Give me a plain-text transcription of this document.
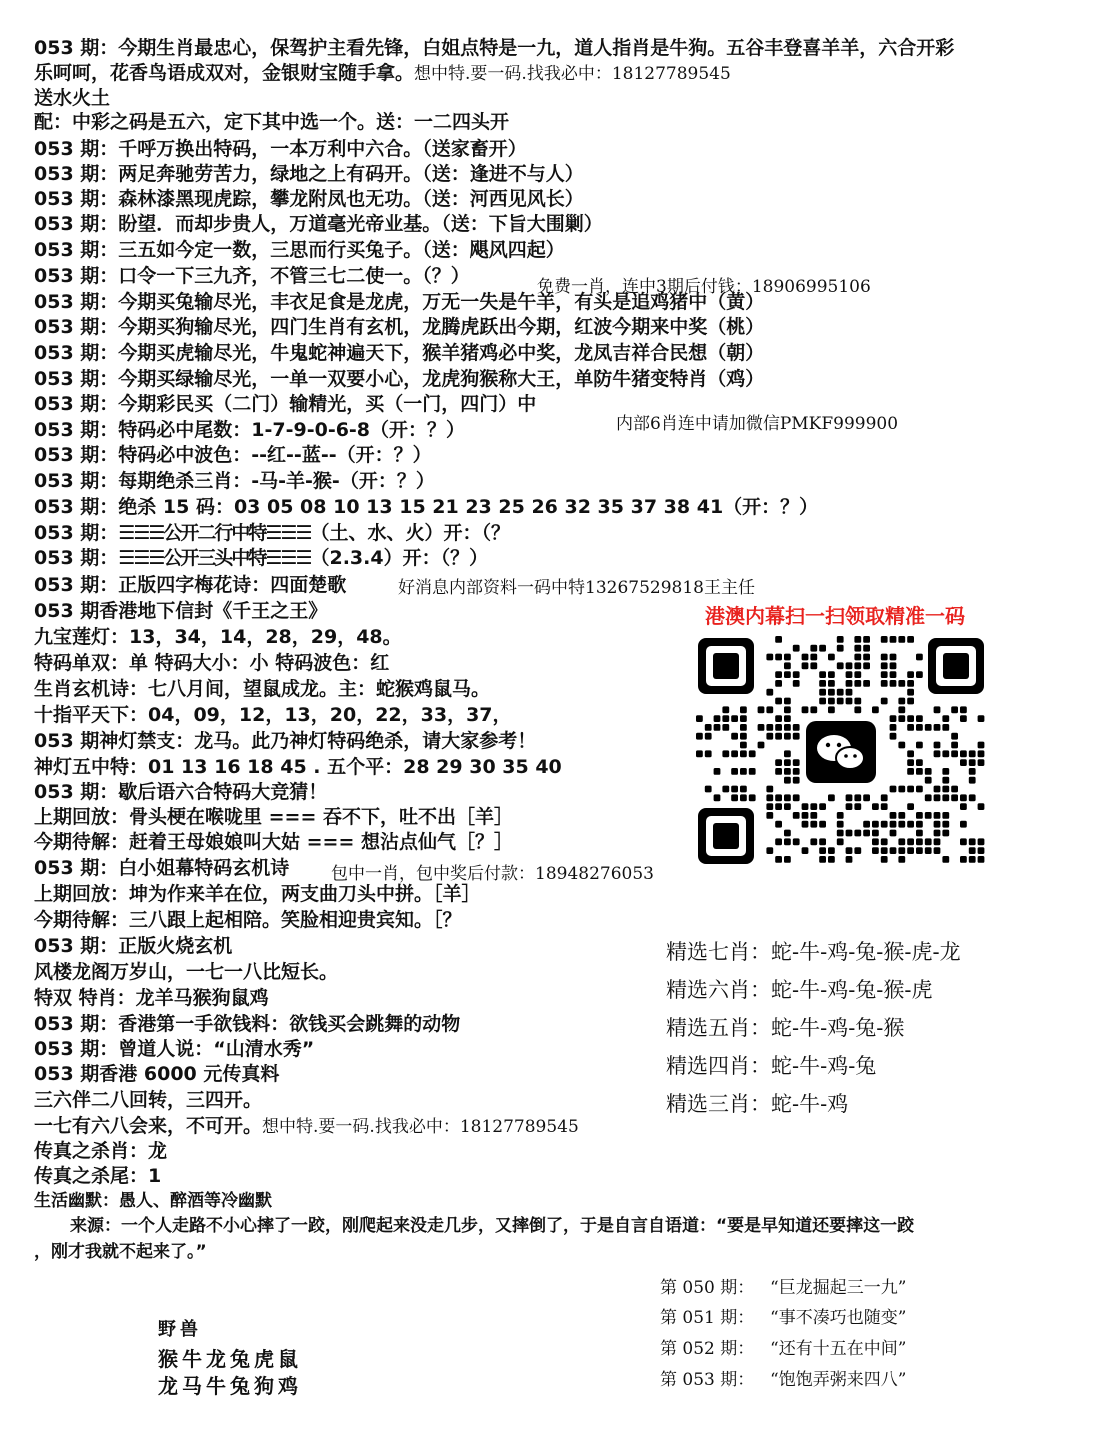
053 期：今期生肖最忠心，保驾护主看先锋，白姐点特是一九，道人指肖是牛狗。五谷丰登喜羊羊，六合开彩
乐呵呵，花香鸟语成双对，金银财宝随手拿。想中特.要一码.找我必中：18127789545
送水火土
配：中彩之码是五六，定下其中选一个。送：一二四头开
053 期：千呼万换出特码，一本万利中六合。（送家畜开）
053 期：两足奔驰劳苦力，绿地之上有码开。（送：逢进不与人）
053 期：森林漆黑现虎踪，攀龙附凤也无功。（送：河西见风长）
053 期：盼望．而却步贵人，万道毫光帝业基。（送：下旨大围剿）
053 期：三五如今定一数，三思而行买兔子。（送：飓风四起）
053 期：口令一下三九齐，不管三七二使一。（？）	免费一肖，连中3期后付钱：18906995106
053 期：今期买兔输尽光，丰衣足食是龙虎，万无一失是午羊，有头是追鸡猪中（黄）
053 期：今期买狗输尽光，四门生肖有玄机，龙腾虎跃出今期，红波今期来中奖（桃）
053 期：今期买虎输尽光，牛鬼蛇神遍天下，猴羊猪鸡必中奖，龙凤吉祥合民想（朝）
053 期：今期买绿输尽光，一单一双要小心，龙虎狗猴称大王，单防牛猪变特肖（鸡）
053 期：今期彩民买（二门）输精光，买（一门，四门）中
内部6肖连中请加微信PMKF999900
053 期：特码必中尾数：1-7-9-0-6-8（开：？）
053 期：特码必中波色：--红--蓝--（开：？）
053 期：每期绝杀三肖：-马-羊-猴-（开：？）
053 期：绝杀 15 码：03 05 08 10 13 15 21 23 25 26 32 35 37 38 41（开：？）
053 期：☰☰☰公开二行中特☰☰☰（土、水、火）开：（？
053 期：☰☰☰公开三头中特☰☰☰（2.3.4）开：（？）
053 期：正版四字梅花诗：四面楚歌	好消息内部资料一码中特13267529818王主任
053 期香港地下信封《千王之王》
九宝莲灯：13，34，14，28，29，48。
特码单双：单 特码大小：小 特码波色：红
生肖玄机诗：七八月间，望鼠成龙。主：蛇猴鸡鼠马。
十指平天下：04，09，12，13，20，22，33，37，
053 期神灯禁支：龙马。此乃神灯特码绝杀，请大家参考！
神灯五中特：01 13 16 18 45 . 五个平：28 29 30 35 40
053 期：歇后语六合特码大竞猜！
上期回放：骨头梗在喉咙里 === 吞不下，吐不出［羊］
今期待解：赶着王母娘娘叫大姑 === 想沾点仙气［？］
053 期：白小姐幕特码玄机诗 包中一肖，包中奖后付款：18948276053
上期回放：坤为作来羊在位，两支曲刀头中拼。［羊］
今期待解：三八跟上起相陪。笑脸相迎贵宾知。［？
053 期：正版火烧玄机
风楼龙阁万岁山，一七一八比短长。
特双 特肖：龙羊马猴狗鼠鸡
053 期：香港第一手欲钱料：欲钱买会跳舞的动物
053 期：曾道人说：“山清水秀”
053 期香港 6000 元传真料
三六伴二八回转，三四开。
一七有六八会来，不可开。想中特.要一码.找我必中：18127789545
传真之杀肖：龙
传真之杀尾：1
生活幽默：愚人、醉酒等冷幽默
来源：一个人走路不小心摔了一跤，刚爬起来没走几步，又摔倒了，于是自言自语道：“要是早知道还要摔这一跤
，刚才我就不起来了。”
港澳内幕扫一扫领取精准一码
精选七肖：蛇-牛-鸡-兔-猴-虎-龙
精选六肖：蛇-牛-鸡-兔-猴-虎
精选五肖：蛇-牛-鸡-兔-猴
精选四肖：蛇-牛-鸡-兔
精选三肖：蛇-牛-鸡
第 050 期： “巨龙掘起三一九”
第 051 期： “事不凑巧也随变”
第 052 期： “还有十五在中间”
第 053 期： “饱饱弄粥来四八”
野兽
猴牛龙兔虎鼠
龙马牛兔狗鸡
